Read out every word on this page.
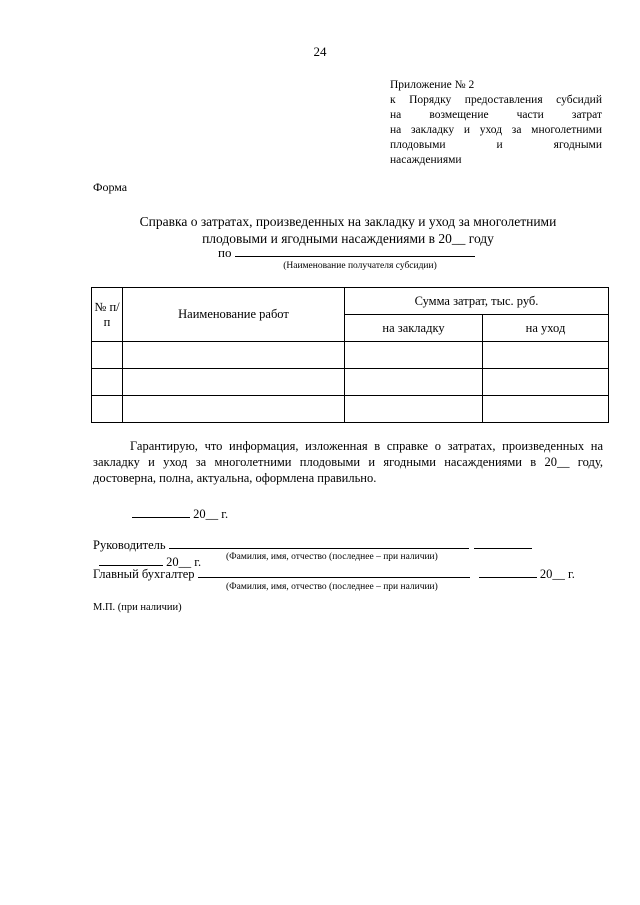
24
Приложение № 2
к Порядку предоставления субсидий
на возмещение части затрат
на закладку и уход за многолетними
плодовыми и ягодными
насаждениями
Форма
Справка о затратах, произведенных на закладку и уход за многолетними
плодовыми и ягодными насаждениями в 20__ году
по
(Наименование получателя субсидии)
№ п/п	Наименование работ	Сумма затрат, тыс. руб.	
		на закладку	на уход

Гарантирую, что информация, изложенная в справке о затратах, произведенных на закладку и уход за многолетними плодовыми и ягодными насаждениями в 20__ году, достоверна, полна, актуальна, оформлена правильно.
20__ г.
Руководитель    20__ г.	(Фамилия, имя, отчество (последнее – при наличии)
Главный бухгалтер	20__ г.
(Фамилия, имя, отчество (последнее – при наличии)
М.П. (при наличии)
